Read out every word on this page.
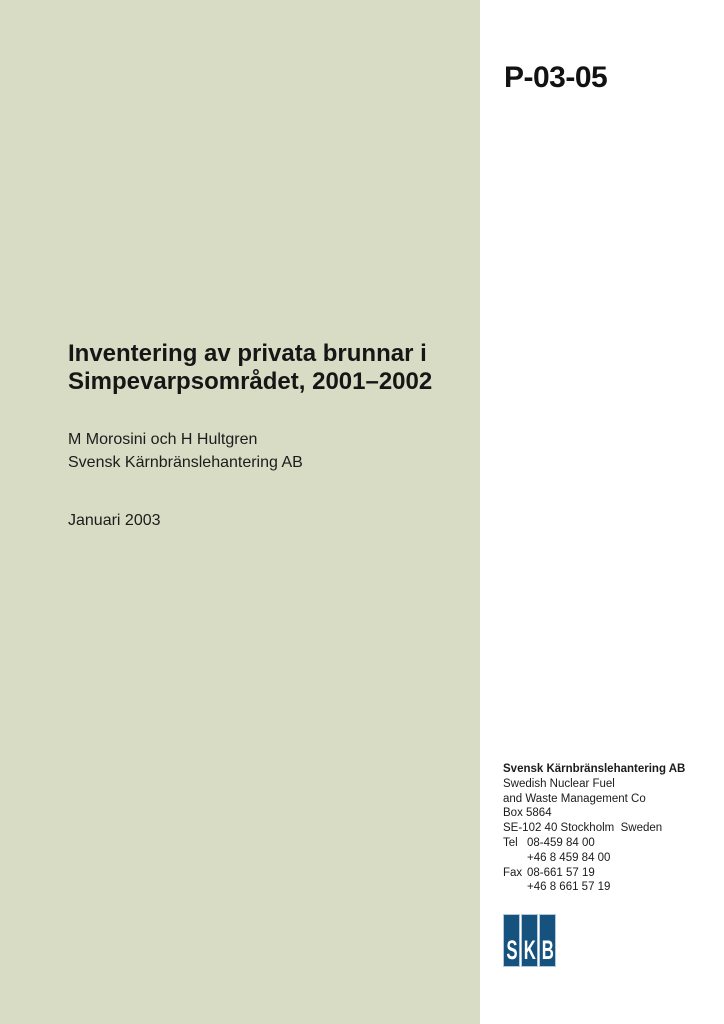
P-03-05
Inventering av privata brunnar i
Simpevarpsområdet, 2001–2002
M Morosini och H Hultgren
Svensk Kärnbränslehantering AB
Januari 2003
Svensk Kärnbränslehantering AB
Swedish Nuclear Fuel
and Waste Management Co
Box 5864
SE-102 40 Stockholm  Sweden
Tel 08-459 84 00
+46 8 459 84 00
Fax 08-661 57 19
+46 8 661 57 19
S K B
